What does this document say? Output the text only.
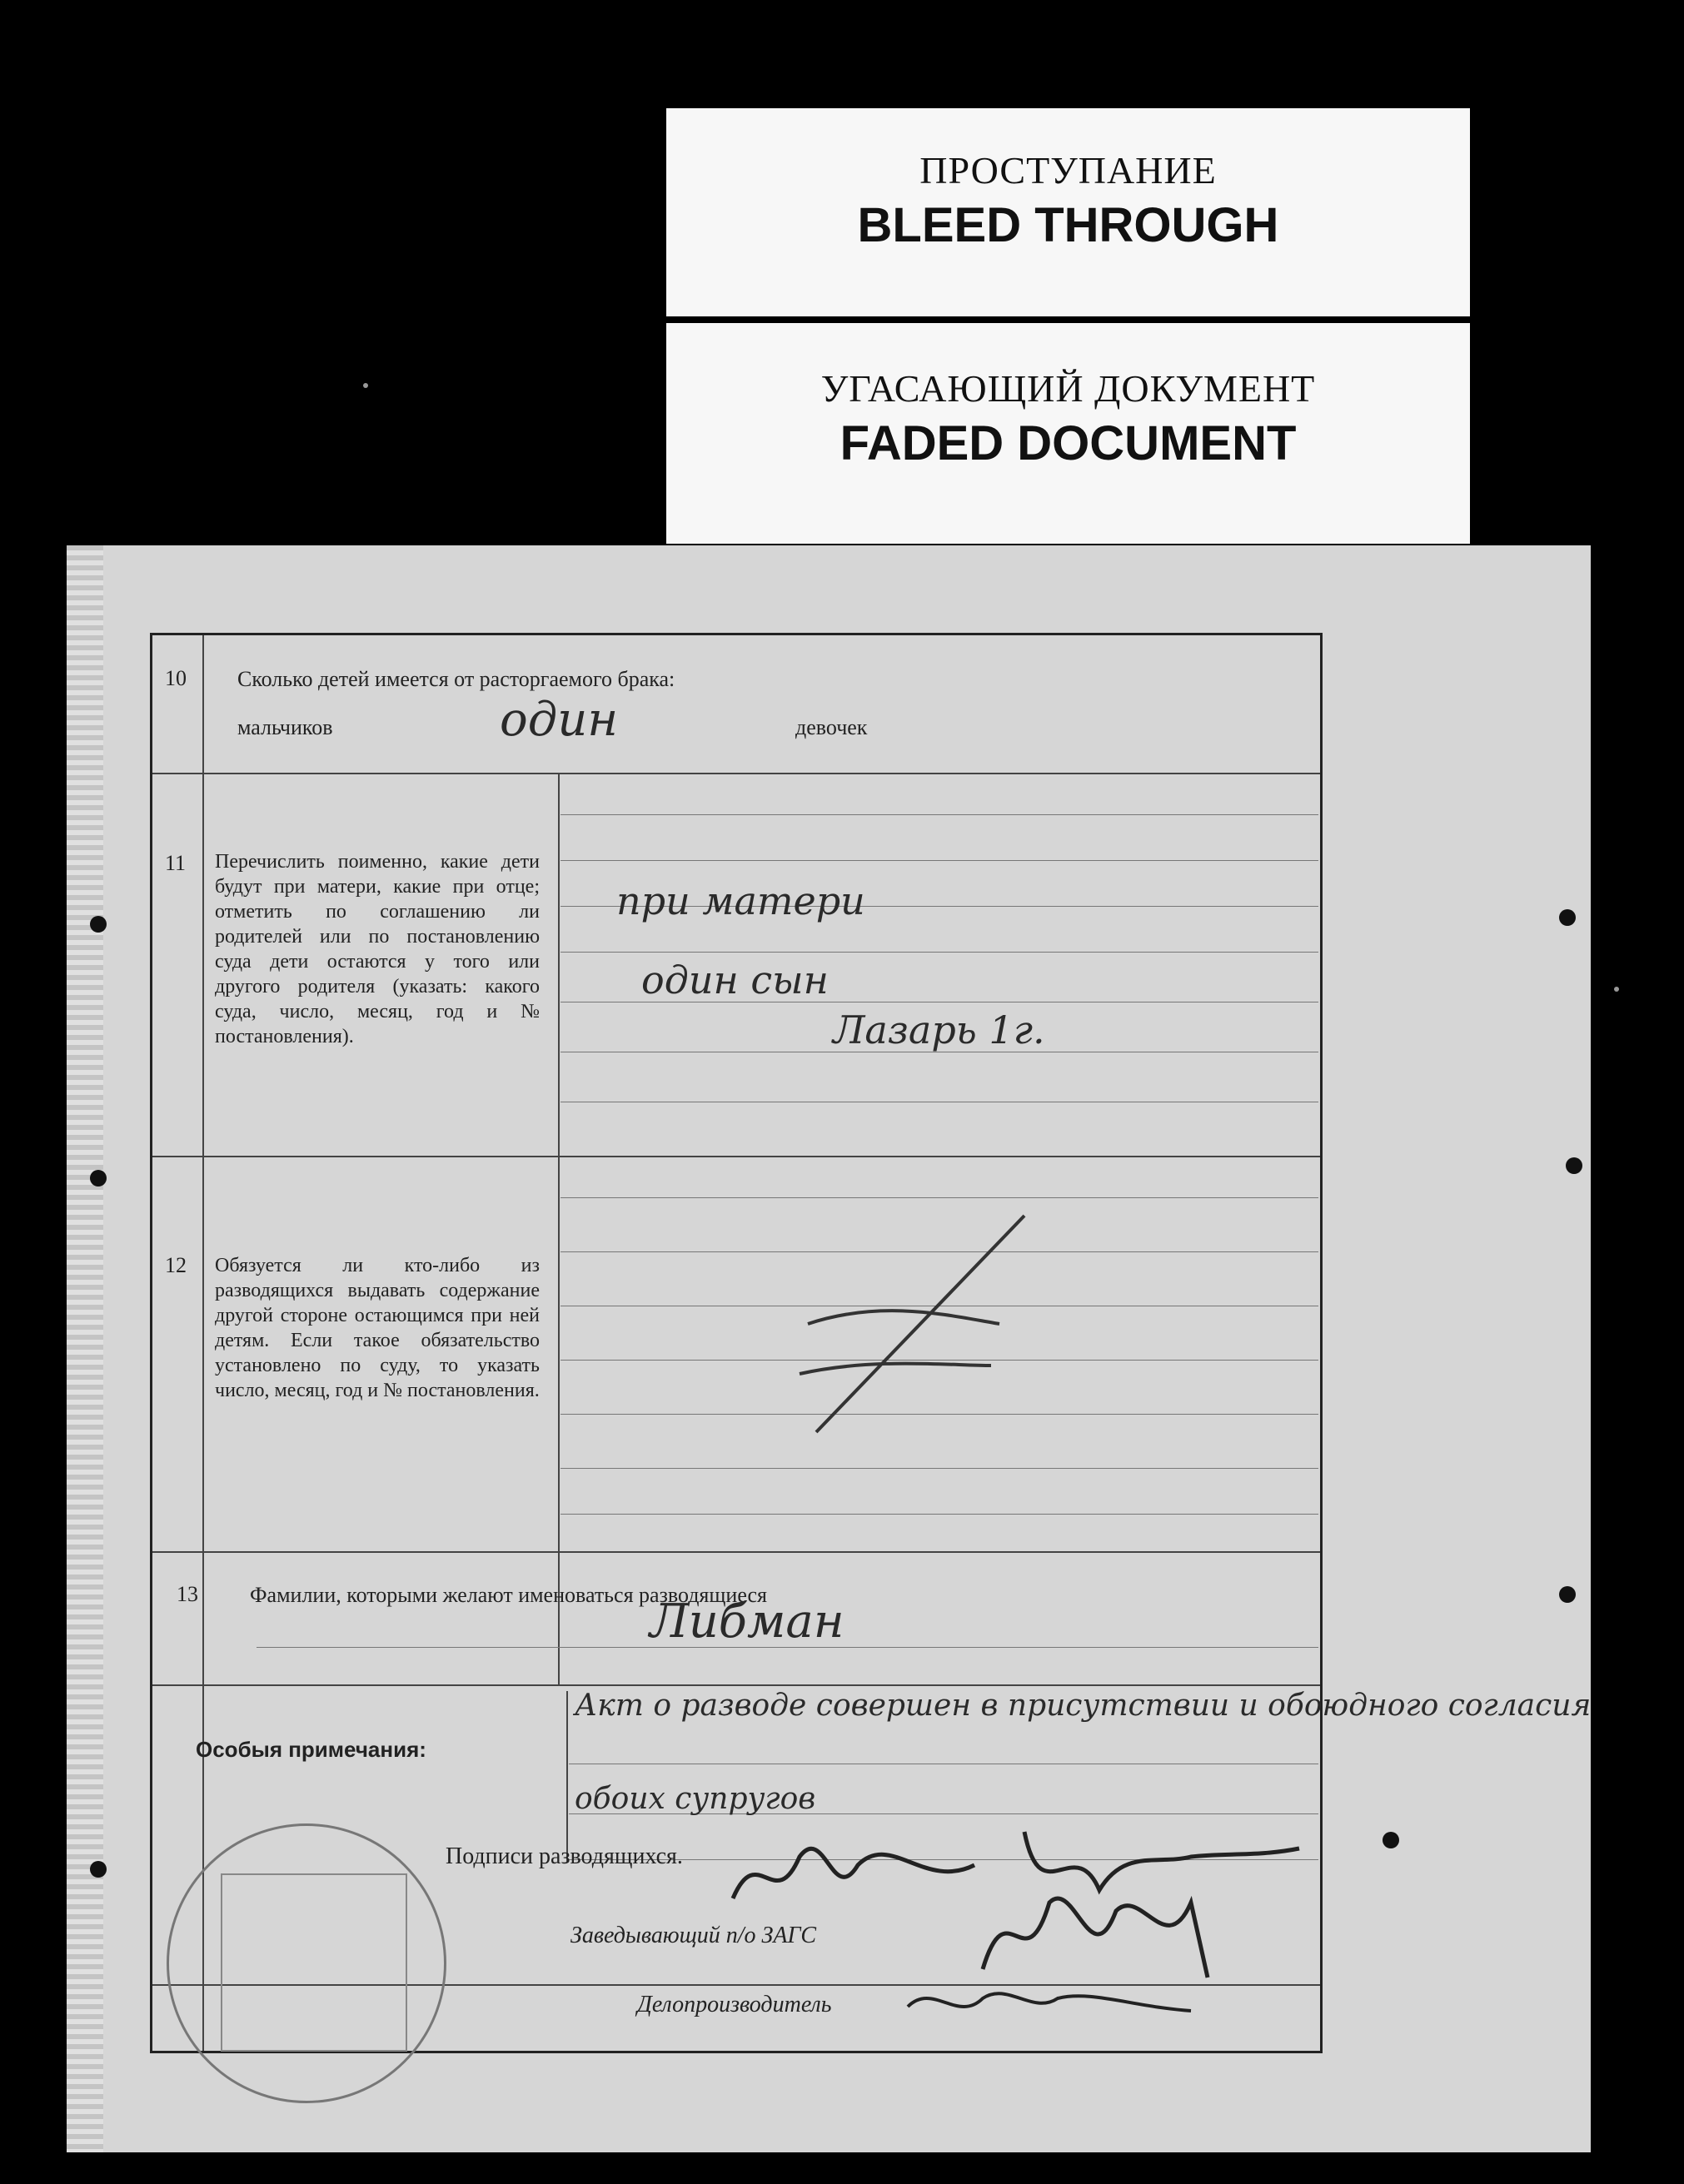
ПРОСТУПАНИЕ
BLEED THROUGH
УГАСАЮЩИЙ ДОКУМЕНТ
FADED DOCUMENT
10 Сколько детей имеется от расторгаемого брака:
мальчиков	один	девочек
11 Перечислить поименно, какие дети будут при матери, какие при отце; отметить по соглашению ли родителей или по постановлению суда дети остаются у того или другого родителя (указать: какого суда, число, месяц, год и № постановления).
при матери
один сын
Лазарь 1г.
12 Обязуется ли кто-либо из разводящихся выдавать содержание другой стороне остающимся при ней детям. Если такое обязательство установлено по суду, то указать число, месяц, год и № постановления.
13 Фамилии, которыми желают именоваться разводящиеся
Либман
Особыя примечания:
Акт о разводе совершен в присутствии и обоюдного согласия
обоих супругов
Подписи разводящихся.
Заведывающий п/о ЗАГС
Делопроизводитель
